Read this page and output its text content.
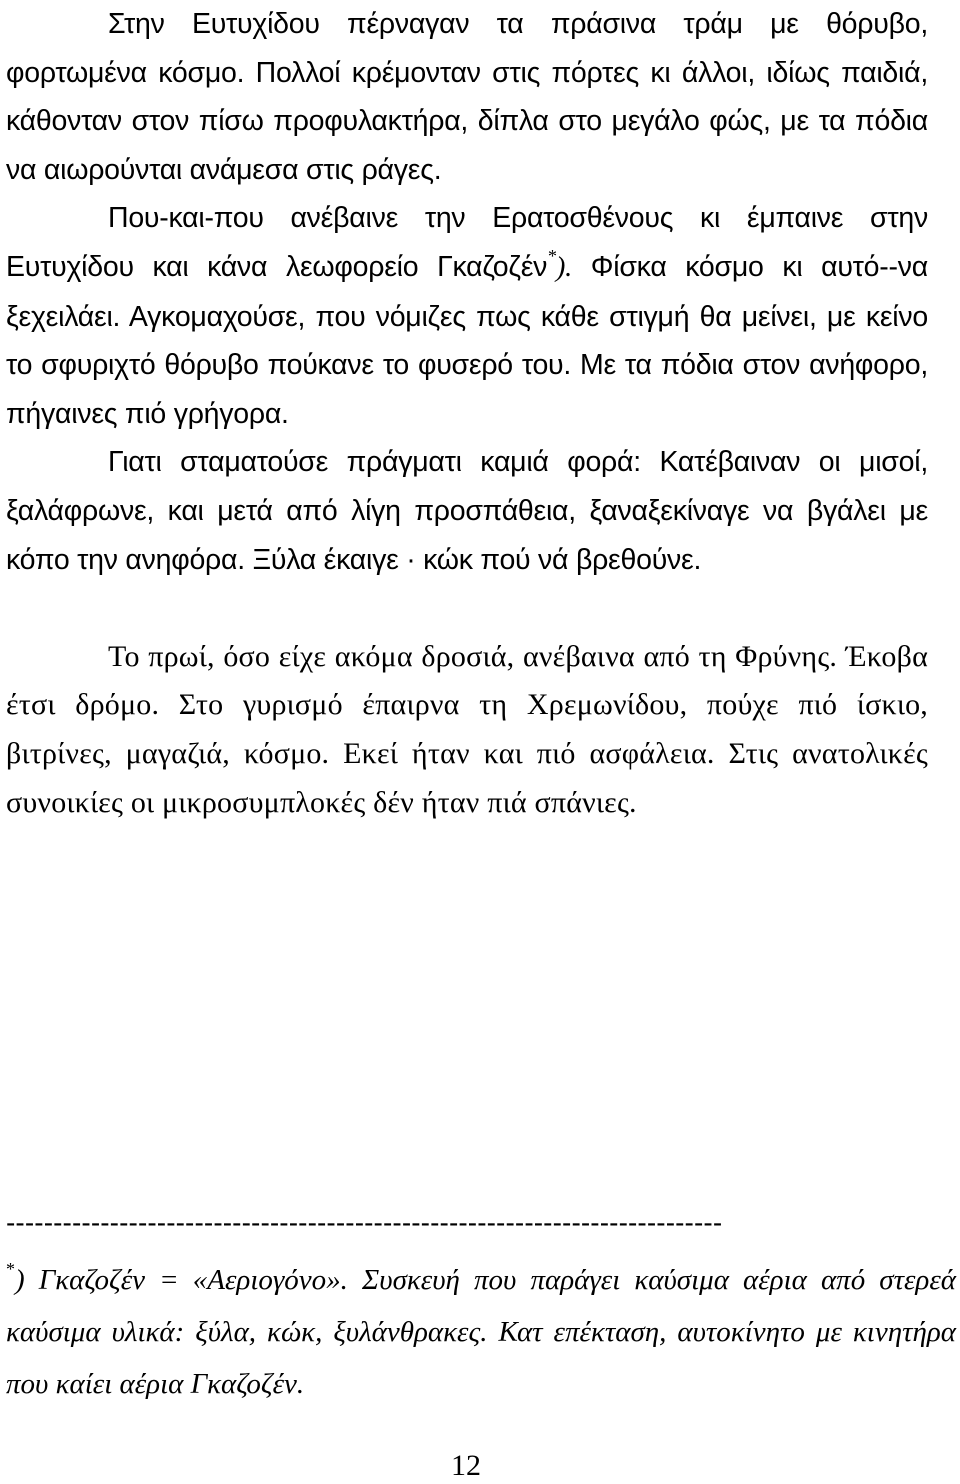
Στην Ευτυχίδου πέρναγαν τα πράσινα τράμ με θόρυβο, φορτωμένα κόσμο. Πολλοί κρέμονταν στις πόρτες κι άλλοι, ιδίως παιδιά, κάθονταν στον πίσω προφυλακτήρα, δίπλα στο μεγάλο φώς, με τα πόδια να αιωρούνται ανάμεσα στις ράγες.

Που-και-που ανέβαινε την Ερατοσθένους κι έμπαινε στην Ευτυχίδου και κάνα λεωφορείο Γκαζοζέν*). Φίσκα κόσμο κι αυτό--να ξεχειλάει. Αγκομαχούσε, που νόμιζες πως κάθε στιγμή θα μείνει, με κείνο το σφυριχτό θόρυβο πούκανε το φυσερό του. Με τα πόδια στον ανήφορο, πήγαινες πιό γρήγορα.

Γιατι σταματούσε πράγματι καμιά φορά: Κατέβαιναν οι μισοί, ξαλάφρωνε, και μετά από λίγη προσπάθεια, ξαναξεκίναγε να βγάλει με κόπο την ανηφόρα. Ξύλα έκαιγε · κώκ πού νά βρεθούνε.

Το πρωί, όσο είχε ακόμα δροσιά, ανέβαινα από τη Φρύνης. Έκοβα έτσι δρόμο. Στο γυρισμό έπαιρνα τη Χρεμωνίδου, πούχε πιό ίσκιο, βιτρίνες, μαγαζιά, κόσμο. Εκεί ήταν και πιό ασφάλεια. Στις ανατολικές συνοικίες οι μικροσυμπλοκές δέν ήταν πιά σπάνιες.

----------------------------------------------------------------------------
*) Γκαζοζέν = «Αεριογόνο». Συσκευή που παράγει καύσιμα αέρια από στερεά καύσιμα υλικά: ξύλα, κώκ, ξυλάνθρακες. Κατ επέκταση, αυτοκίνητο με κινητήρα που καίει αέρια Γκαζοζέν.
12
